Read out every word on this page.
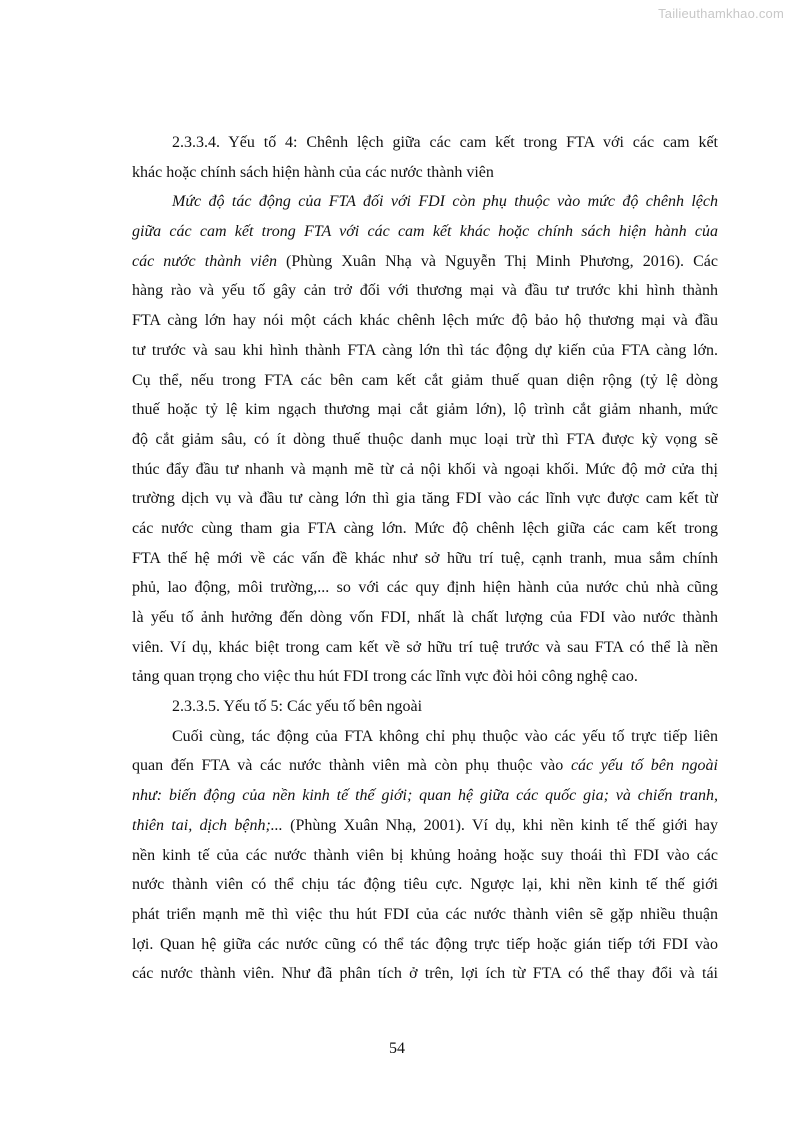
Tailieuthamkhao.com
2.3.3.4. Yếu tố 4: Chênh lệch giữa các cam kết trong FTA với các cam kết
khác hoặc chính sách hiện hành của các nước thành viên
Mức độ tác động của FTA đối với FDI còn phụ thuộc vào mức độ chênh lệch
giữa các cam kết trong FTA với các cam kết khác hoặc chính sách hiện hành của
các nước thành viên (Phùng Xuân Nhạ và Nguyễn Thị Minh Phương, 2016). Các
hàng rào và yếu tố gây cản trở đối với thương mại và đầu tư trước khi hình thành
FTA càng lớn hay nói một cách khác chênh lệch mức độ bảo hộ thương mại và đầu
tư trước và sau khi hình thành FTA càng lớn thì tác động dự kiến của FTA càng lớn.
Cụ thể, nếu trong FTA các bên cam kết cắt giảm thuế quan diện rộng (tỷ lệ dòng
thuế hoặc tỷ lệ kim ngạch thương mại cắt giảm lớn), lộ trình cắt giảm nhanh, mức
độ cắt giảm sâu, có ít dòng thuế thuộc danh mục loại trừ thì FTA được kỳ vọng sẽ
thúc đẩy đầu tư nhanh và mạnh mẽ từ cả nội khối và ngoại khối. Mức độ mở cửa thị
trường dịch vụ và đầu tư càng lớn thì gia tăng FDI vào các lĩnh vực được cam kết từ
các nước cùng tham gia FTA càng lớn. Mức độ chênh lệch giữa các cam kết trong
FTA thế hệ mới về các vấn đề khác như sở hữu trí tuệ, cạnh tranh, mua sắm chính
phủ, lao động, môi trường,... so với các quy định hiện hành của nước chủ nhà cũng
là yếu tố ảnh hưởng đến dòng vốn FDI, nhất là chất lượng của FDI vào nước thành
viên. Ví dụ, khác biệt trong cam kết về sở hữu trí tuệ trước và sau FTA có thể là nền
tảng quan trọng cho việc thu hút FDI trong các lĩnh vực đòi hỏi công nghệ cao.
2.3.3.5. Yếu tố 5: Các yếu tố bên ngoài
Cuối cùng, tác động của FTA không chỉ phụ thuộc vào các yếu tố trực tiếp liên
quan đến FTA và các nước thành viên mà còn phụ thuộc vào các yếu tố bên ngoài
như: biến động của nền kinh tế thế giới; quan hệ giữa các quốc gia; và chiến tranh,
thiên tai, dịch bệnh;... (Phùng Xuân Nhạ, 2001). Ví dụ, khi nền kinh tế thế giới hay
nền kinh tế của các nước thành viên bị khủng hoảng hoặc suy thoái thì FDI vào các
nước thành viên có thể chịu tác động tiêu cực. Ngược lại, khi nền kinh tế thế giới
phát triển mạnh mẽ thì việc thu hút FDI của các nước thành viên sẽ gặp nhiều thuận
lợi. Quan hệ giữa các nước cũng có thể tác động trực tiếp hoặc gián tiếp tới FDI vào
các nước thành viên. Như đã phân tích ở trên, lợi ích từ FTA có thể thay đổi và tái
54
